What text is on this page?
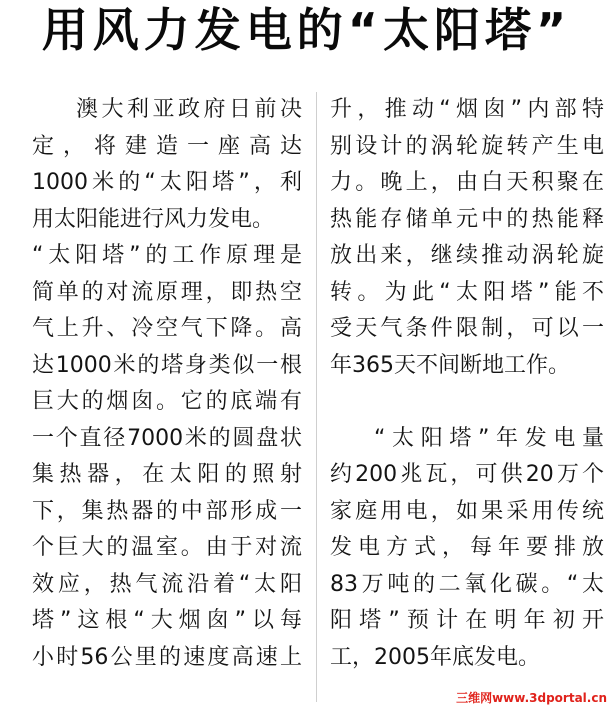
用风力发电的“太阳塔”
澳大利亚政府日前决
定，将建造一座高达
1000米的“太阳塔”，利
用太阳能进行风力发电。
“太阳塔”的工作原理是
简单的对流原理，即热空
气上升、冷空气下降。高
达1000米的塔身类似一根
巨大的烟囱。它的底端有
一个直径7000米的圆盘状
集热器，在太阳的照射
下，集热器的中部形成一
个巨大的温室。由于对流
效应，热气流沿着“太阳
塔”这根“大烟囱”以每
小时56公里的速度高速上
升，推动“烟囱”内部特
别设计的涡轮旋转产生电
力。晚上，由白天积聚在
热能存储单元中的热能释
放出来，继续推动涡轮旋
转。为此“太阳塔”能不
受天气条件限制，可以一
年365天不间断地工作。
“太阳塔”年发电量
约200兆瓦，可供20万个
家庭用电，如果采用传统
发电方式，每年要排放
83万吨的二氧化碳。“太
阳塔”预计在明年初开
工，2005年底发电。
三维网www.3dportal.cn
